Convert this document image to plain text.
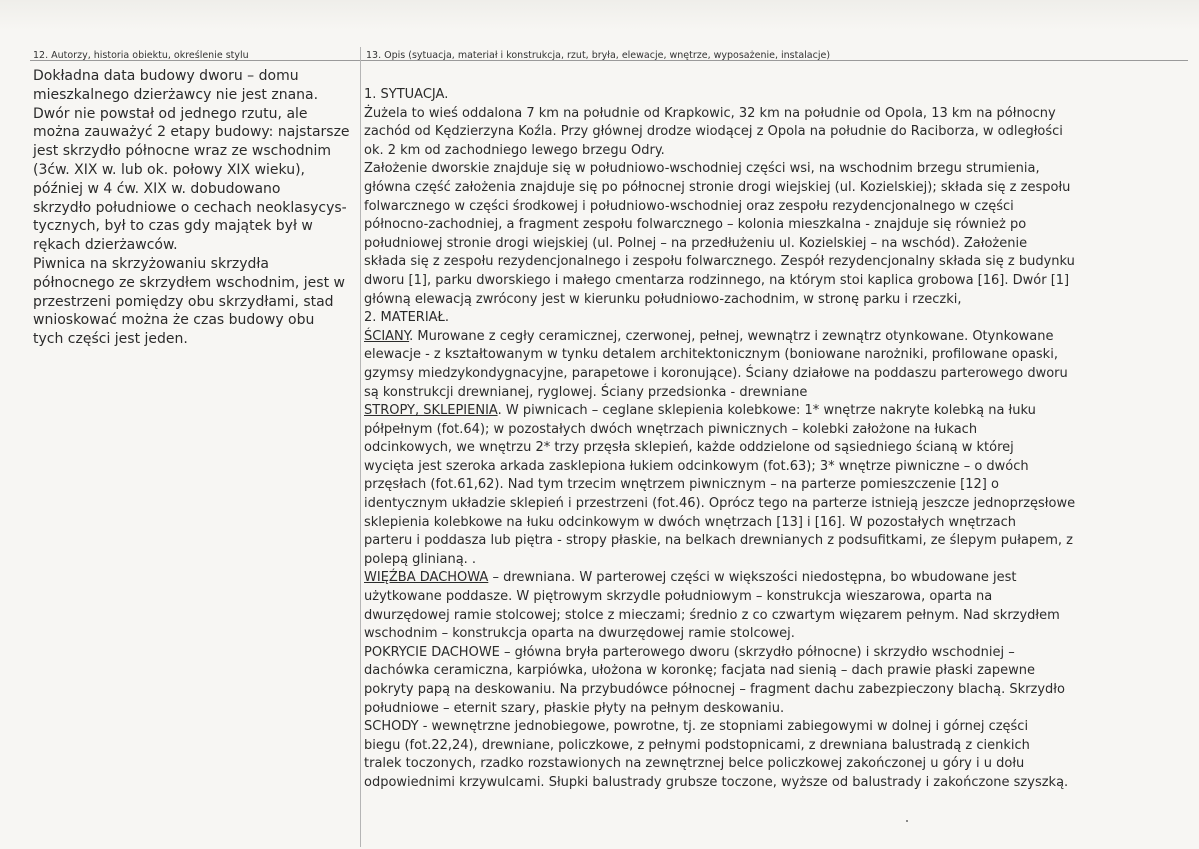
12. Autorzy, historia obiektu, określenie stylu	13. Opis (sytuacja, materiał i konstrukcja, rzut, bryła, elewacje, wnętrze, wyposażenie, instalacje)

Dokładna data budowy dworu – domu

mieszkalnego dzierżawcy nie jest znana.

Dwór nie powstał od jednego rzutu, ale

można zauważyć 2 etapy budowy: najstarsze

jest skrzydło północne wraz ze wschodnim

(3ćw. XIX w. lub ok. połowy XIX wieku),

później w 4 ćw. XIX w. dobudowano

skrzydło południowe o cechach neoklasycys-

tycznych, był to czas gdy majątek był w

rękach dzierżawców.

Piwnica na skrzyżowaniu skrzydła

północnego ze skrzydłem wschodnim, jest w

przestrzeni pomiędzy obu skrzydłami, stad

wnioskować można że czas budowy obu

tych części jest jeden.

1. SYTUACJA.

Żużela to wieś oddalona 7 km na południe od Krapkowic, 32 km na południe od Opola, 13 km na północny

zachód od Kędzierzyna Koźla. Przy głównej drodze wiodącej z Opola na południe do Raciborza, w odległości

ok. 2 km od zachodniego lewego brzegu Odry.

Założenie dworskie znajduje się w południowo-wschodniej części wsi, na wschodnim brzegu strumienia,

główna część założenia znajduje się po północnej stronie drogi wiejskiej (ul. Kozielskiej); składa się z zespołu

folwarcznego w części środkowej i południowo-wschodniej oraz zespołu rezydencjonalnego w części

północno-zachodniej, a fragment zespołu folwarcznego – kolonia mieszkalna - znajduje się również po

południowej stronie drogi wiejskiej (ul. Polnej – na przedłużeniu ul. Kozielskiej – na wschód). Założenie

składa się z zespołu rezydencjonalnego i zespołu folwarcznego. Zespół rezydencjonalny składa się z budynku

dworu [1], parku dworskiego i małego cmentarza rodzinnego, na którym stoi kaplica grobowa [16]. Dwór [1]

główną elewacją zwrócony jest w kierunku południowo-zachodnim, w stronę parku i rzeczki,

2. MATERIAŁ.

ŚCIANY. Murowane z cegły ceramicznej, czerwonej, pełnej, wewnątrz i zewnątrz otynkowane. Otynkowane

elewacje - z kształtowanym w tynku detalem architektonicznym (boniowane narożniki, profilowane opaski,

gzymsy miedzykondygnacyjne, parapetowe i koronujące). Ściany działowe na poddaszu parterowego dworu

są konstrukcji drewnianej, ryglowej. Ściany przedsionka - drewniane

STROPY, SKLEPIENIA. W piwnicach – ceglane sklepienia kolebkowe: 1* wnętrze nakryte kolebką na łuku

półpełnym (fot.64); w pozostałych dwóch wnętrzach piwnicznych – kolebki założone na łukach

odcinkowych, we wnętrzu 2* trzy przęsła sklepień, każde oddzielone od sąsiedniego ścianą w której

wycięta jest szeroka arkada zasklepiona łukiem odcinkowym (fot.63); 3* wnętrze piwniczne – o dwóch

przęsłach (fot.61,62). Nad tym trzecim wnętrzem piwnicznym – na parterze pomieszczenie [12] o

identycznym układzie sklepień i przestrzeni (fot.46). Oprócz tego na parterze istnieją jeszcze jednoprzęsłowe

sklepienia kolebkowe na łuku odcinkowym w dwóch wnętrzach [13] i [16]. W pozostałych wnętrzach

parteru i poddasza lub piętra - stropy płaskie, na belkach drewnianych z podsufitkami, ze ślepym pułapem, z

polepą glinianą. .

WIĘŹBA DACHOWA – drewniana. W parterowej części w większości niedostępna, bo wbudowane jest

użytkowane poddasze. W piętrowym skrzydle południowym – konstrukcja wieszarowa, oparta na

dwurzędowej ramie stolcowej; stolce z mieczami; średnio z co czwartym więzarem pełnym. Nad skrzydłem

wschodnim – konstrukcja oparta na dwurzędowej ramie stolcowej.

POKRYCIE DACHOWE – główna bryła parterowego dworu (skrzydło północne) i skrzydło wschodniej –

dachówka ceramiczna, karpiówka, ułożona w koronkę; facjata nad sienią – dach prawie płaski zapewne

pokryty papą na deskowaniu. Na przybudówce północnej – fragment dachu zabezpieczony blachą. Skrzydło

południowe – eternit szary, płaskie płyty na pełnym deskowaniu.

SCHODY - wewnętrzne jednobiegowe, powrotne, tj. ze stopniami zabiegowymi w dolnej i górnej części

biegu (fot.22,24), drewniane, policzkowe, z pełnymi podstopnicami, z drewniana balustradą z cienkich

tralek toczonych, rzadko rozstawionych na zewnętrznej belce policzkowej zakończonej u góry i u dołu

odpowiednimi krzywulcami. Słupki balustrady grubsze toczone, wyższe od balustrady i zakończone szyszką.
